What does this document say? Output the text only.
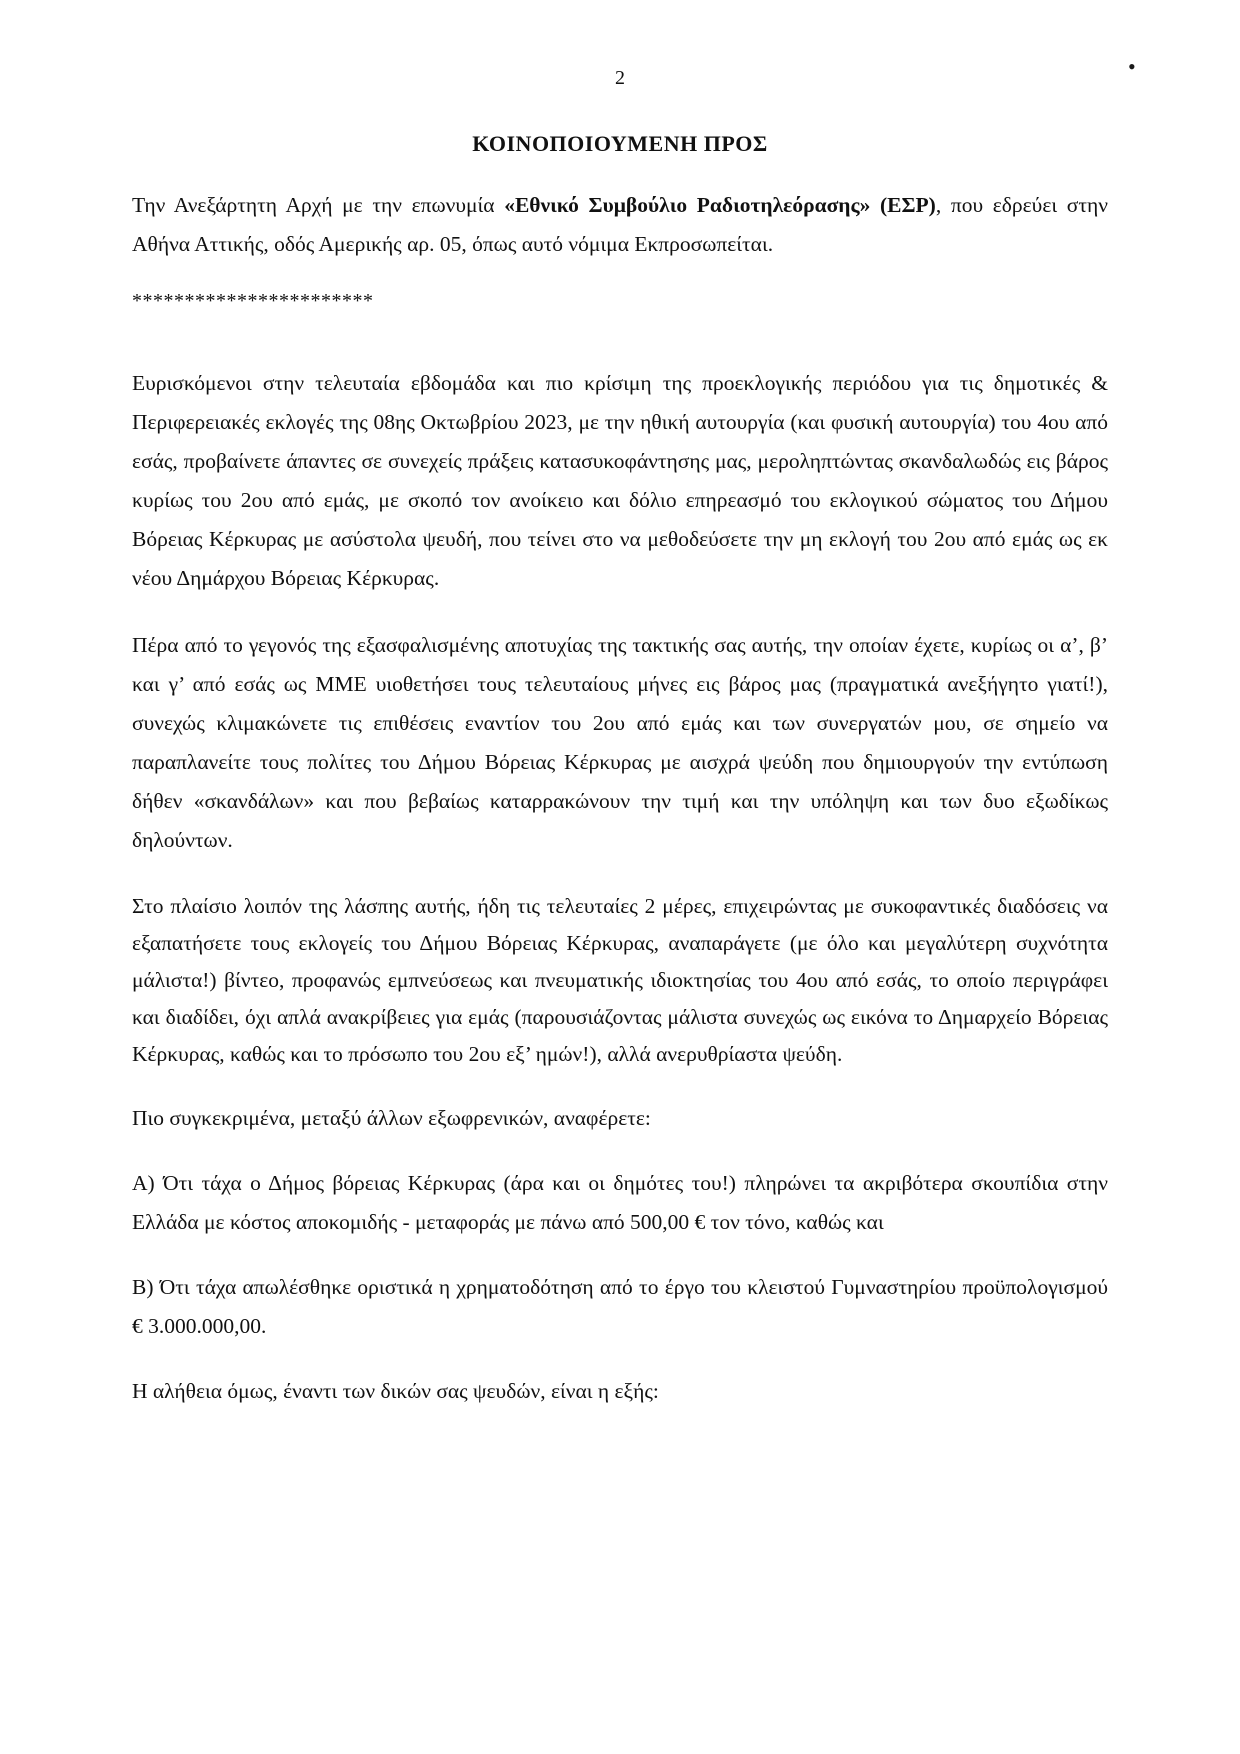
•
2
ΚΟΙΝΟΠΟΙΟΥΜΕΝΗ ΠΡΟΣ

Την Ανεξάρτητη Αρχή με την επωνυμία «Εθνικό Συμβούλιο Ραδιοτηλεόρασης» (ΕΣΡ), που εδρεύει στην Αθήνα Αττικής, οδός Αμερικής αρ. 05, όπως αυτό νόμιμα Εκπροσωπείται.

***********************

Ευρισκόμενοι στην τελευταία εβδομάδα και πιο κρίσιμη της προεκλογικής περιόδου για τις δημοτικές & Περιφερειακές εκλογές της 08ης Οκτωβρίου 2023, με την ηθική αυτουργία (και φυσική αυτουργία) του 4ου από εσάς, προβαίνετε άπαντες σε συνεχείς πράξεις κατασυκοφάντησης μας, μεροληπτώντας σκανδαλωδώς εις βάρος κυρίως του 2ου από εμάς, με σκοπό τον ανοίκειο και δόλιο επηρεασμό του εκλογικού σώματος του Δήμου Βόρειας Κέρκυρας με ασύστολα ψευδή, που τείνει στο να μεθοδεύσετε την μη εκλογή του 2ου από εμάς ως εκ νέου Δημάρχου Βόρειας Κέρκυρας.

Πέρα από το γεγονός της εξασφαλισμένης αποτυχίας της τακτικής σας αυτής, την οποίαν έχετε, κυρίως οι α’, β’ και γ’ από εσάς ως ΜΜΕ υιοθετήσει τους τελευταίους μήνες εις βάρος μας (πραγματικά ανεξήγητο γιατί!), συνεχώς κλιμακώνετε τις επιθέσεις εναντίον του 2ου από εμάς και των συνεργατών μου, σε σημείο να παραπλανείτε τους πολίτες του Δήμου Βόρειας Κέρκυρας με αισχρά ψεύδη που δημιουργούν την εντύπωση δήθεν «σκανδάλων» και που βεβαίως καταρρακώνουν την τιμή και την υπόληψη και των δυο εξωδίκως δηλούντων.

Στο πλαίσιο λοιπόν της λάσπης αυτής, ήδη τις τελευταίες 2 μέρες, επιχειρώντας με συκοφαντικές διαδόσεις να εξαπατήσετε τους εκλογείς του Δήμου Βόρειας Κέρκυρας, αναπαράγετε (με όλο και μεγαλύτερη συχνότητα μάλιστα!) βίντεο, προφανώς εμπνεύσεως και πνευματικής ιδιοκτησίας του 4ου από εσάς, το οποίο περιγράφει και διαδίδει, όχι απλά ανακρίβειες για εμάς (παρουσιάζοντας μάλιστα συνεχώς ως εικόνα το Δημαρχείο Βόρειας Κέρκυρας, καθώς και το πρόσωπο του 2ου εξ’ ημών!), αλλά ανερυθρίαστα ψεύδη.

Πιο συγκεκριμένα, μεταξύ άλλων εξωφρενικών, αναφέρετε:

Α) Ότι τάχα ο Δήμος βόρειας Κέρκυρας (άρα και οι δημότες του!) πληρώνει τα ακριβότερα σκουπίδια στην Ελλάδα με κόστος αποκομιδής - μεταφοράς με πάνω από 500,00 € τον τόνο, καθώς και

Β) Ότι τάχα απωλέσθηκε οριστικά η χρηματοδότηση από το έργο του κλειστού Γυμναστηρίου προϋπολογισμού € 3.000.000,00.

Η αλήθεια όμως, έναντι των δικών σας ψευδών, είναι η εξής:
